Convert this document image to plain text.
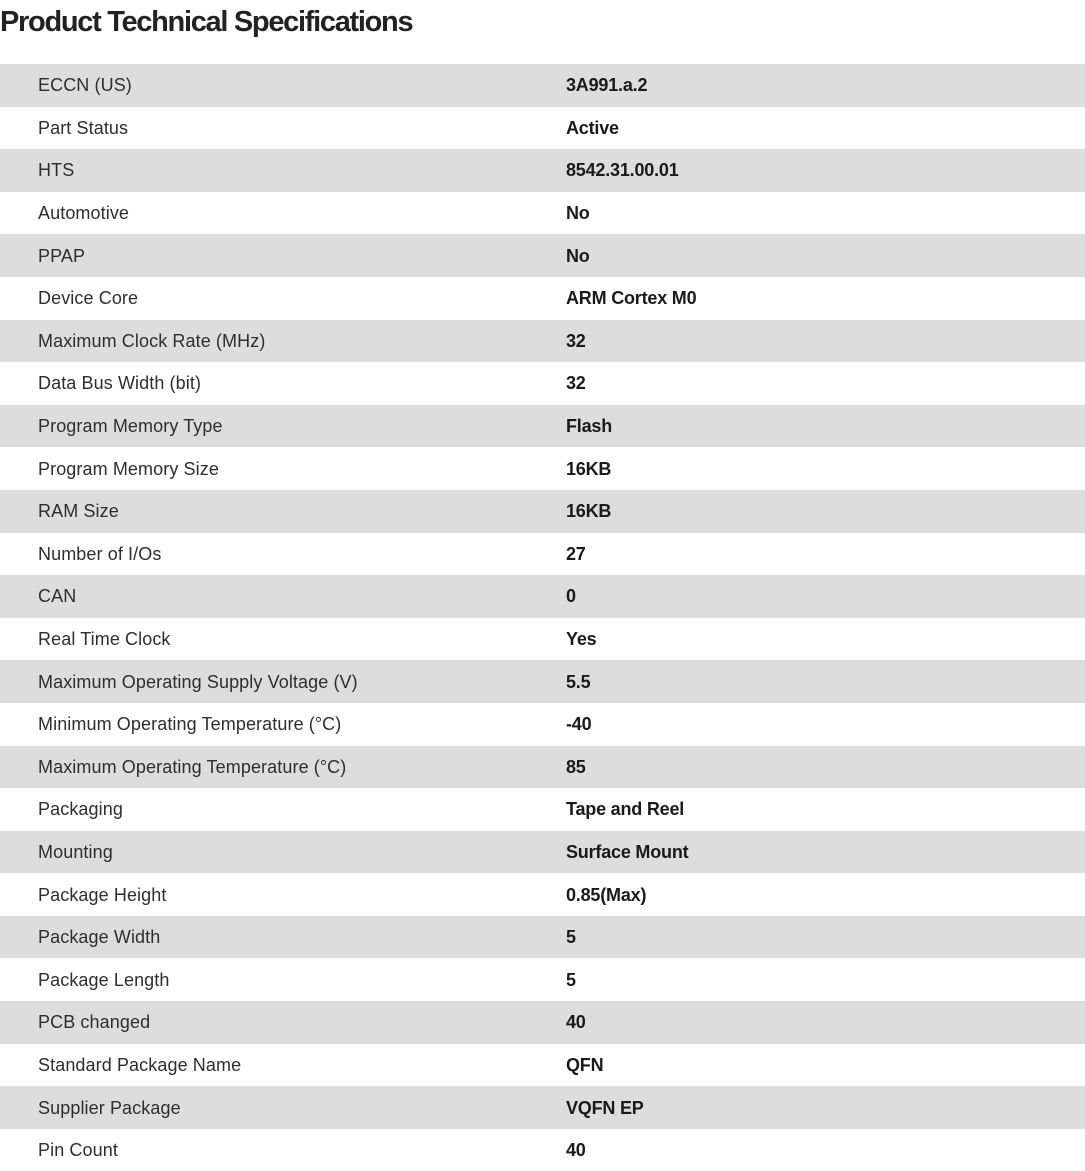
Product Technical Specifications
ECCN (US)	3A991.a.2
Part Status	Active
HTS	8542.31.00.01
Automotive	No
PPAP	No
Device Core	ARM Cortex M0
Maximum Clock Rate (MHz)	32
Data Bus Width (bit)	32
Program Memory Type	Flash
Program Memory Size	16KB
RAM Size	16KB
Number of I/Os	27
CAN	0
Real Time Clock	Yes
Maximum Operating Supply Voltage (V)	5.5
Minimum Operating Temperature (°C)	-40
Maximum Operating Temperature (°C)	85
Packaging	Tape and Reel
Mounting	Surface Mount
Package Height	0.85(Max)
Package Width	5
Package Length	5
PCB changed	40
Standard Package Name	QFN
Supplier Package	VQFN EP
Pin Count	40
